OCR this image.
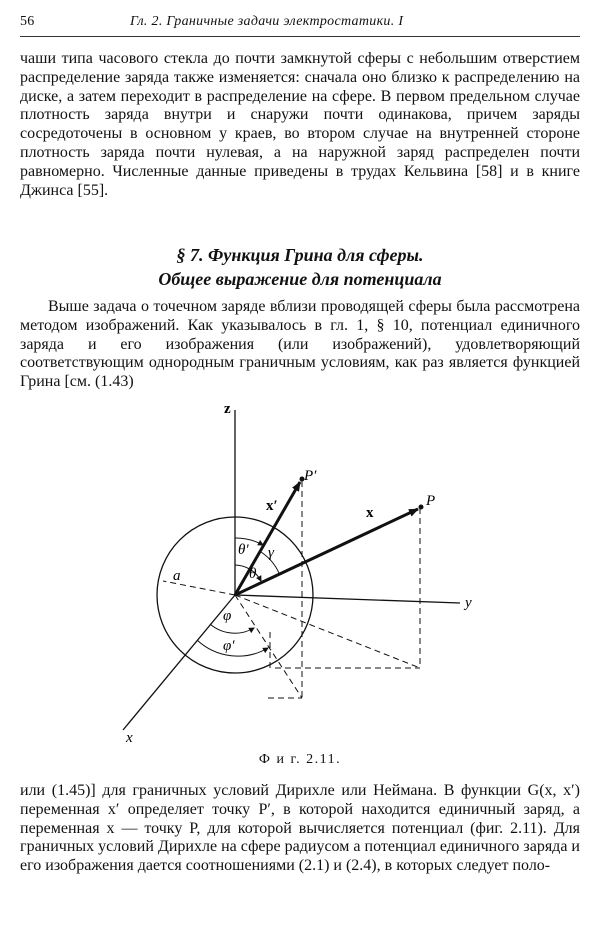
56	Гл. 2. Граничные задачи электростатики. I
чаши типа часового стекла до почти замкнутой сферы с небольшим отверстием распределение заряда также изменяется: сначала оно близко к распределению на диске, а затем переходит в распределение на сфере. В первом предельном случае плотность заряда внутри и снаружи почти одинакова, причем заряды сосредоточены в основном у краев, во втором случае на внутренней стороне плотность заряда почти нулевая, а на наружной заряд распределен почти равномерно. Численные данные приведены в трудах Кельвина [58] и в книге Джинса [55].
§ 7. Функция Грина для сферы.
Общее выражение для потенциала
Выше задача о точечном заряде вблизи проводящей сферы была рассмотрена методом изображений. Как указывалось в гл. 1, § 10, потенциал единичного заряда и его изображения (или изображений), удовлетворяющий соответствующим однородным граничным условиям, как раз является функцией Грина [см. (1.43)
z
y
x
P′
P
x′	x
θ′
θ
γ
a
φ
φ′
Ф и г. 2.11.
или (1.45)] для граничных условий Дирихле или Неймана. В функции G(x, x′) переменная x′ определяет точку P′, в которой находится единичный заряд, а переменная x — точку P, для которой вычисляется потенциал (фиг. 2.11). Для граничных условий Дирихле на сфере радиусом a потенциал единичного заряда и его изображения дается соотношениями (2.1) и (2.4), в которых следует поло-
